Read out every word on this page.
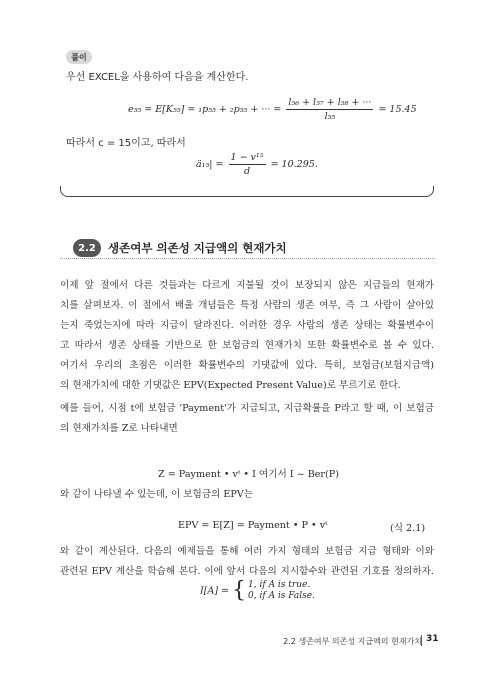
풀이
우선 EXCEL을 사용하여 다음을 계산한다.
e₅₅ = E[K₅₅] = ₁p₅₅ + ₂p₅₅ + ··· = $\frac{\text{l₅₆ + l₅₇ + l₅₈ + ···}}{\text{l₅₅}} = 15.45$
따라서 c = 15이고, 따라서
ä₁₅| = $\frac{\text{1 − v¹⁵}}{d} = 10.295$.
2.2	생존여부 의존성 지급액의 현재가치
이제 앞 절에서 다른 것들과는 다르게 지불될 것이 보장되지 않은 지급들의 현재가
치를 살펴보자. 이 절에서 배울 개념들은 특정 사람의 생존 여부, 즉 그 사람이 살아있
는지 죽었는지에 따라 지급이 달라진다. 이러한 경우 사람의 생존 상태는 확률변수이
고 따라서 생존 상태를 기반으로 한 보험금의 현재가치 또한 확률변수로 볼 수 있다.
여기서 우리의 초점은 이러한 확률변수의 기댓값에 있다. 특히, 보험금(보험지급액)
의 현재가치에 대한 기댓값은 EPV(Expected Present Value)로 부르기로 한다.
예를 들어, 시점 t에 보험금 'Payment'가 지급되고, 지급확률을 P라고 할 때, 이 보험금
의 현재가치를 Z로 나타내면
Z = Payment • vᵗ • I 여기서 I ~ Ber(P)
와 같이 나타낼 수 있는데, 이 보험금의 EPV는
EPV = E[Z] = Payment • P • vᵗ	(식 2.1)
와 같이 계산된다. 다음의 예제들을 통해 여러 가지 형태의 보험금 지급 형태와 이와
관련된 EPV 계산을 학습해 본다. 이에 앞서 다음의 지시함수와 관련된 기호를 정의하자.
I[A] = { 1, if A is true.
0, if A is False.
2.2 생존여부 의존성 지급액의 현재가치 31
